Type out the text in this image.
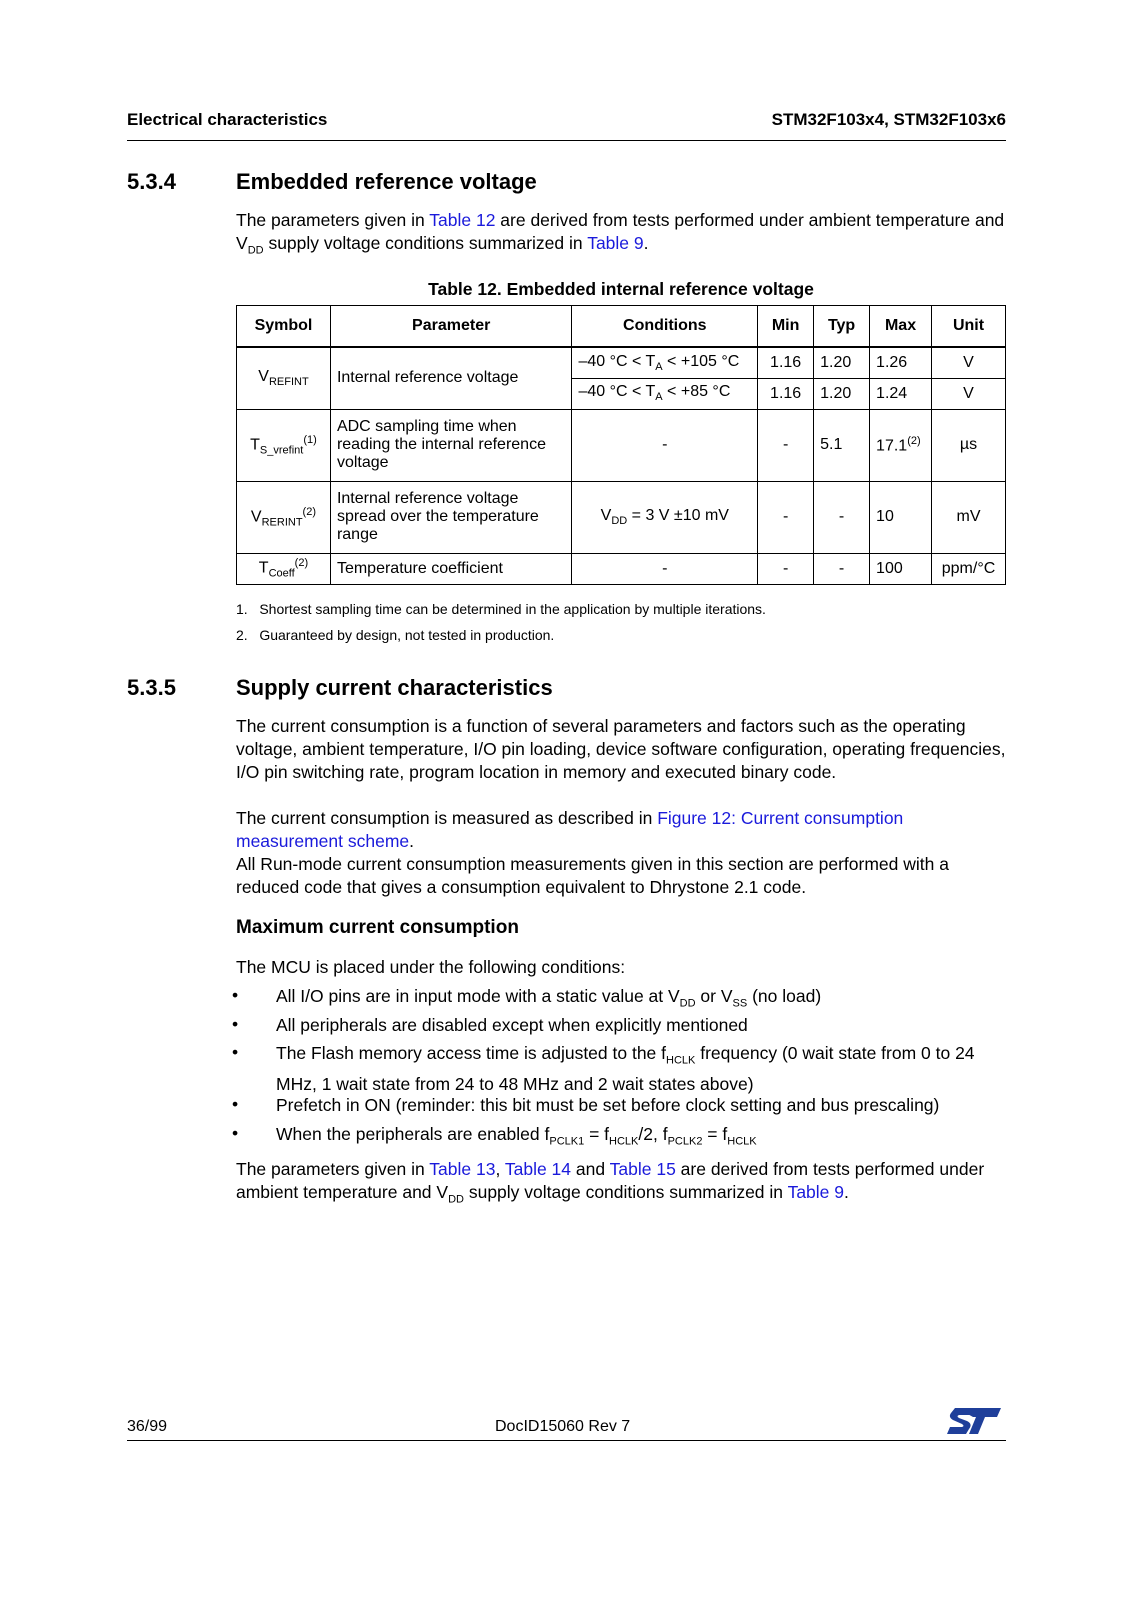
Electrical characteristics	STM32F103x4, STM32F103x6
5.3.4	Embedded reference voltage
The parameters given in Table 12 are derived from tests performed under ambient temperature and $V_{DD}$ supply voltage conditions summarized in Table 9.
Table 12. Embedded internal reference voltage
Symbol	Parameter	Conditions	Min	Typ	Max	Unit
$V_{REFINT}$	Internal reference voltage	–40 $^\circ C < T_A < +105$ °C	1.16	1.20	1.26	V
		–40 $^\circ C < T_A < +85$ °C	1.16	1.20	1.24	V
$T_{S\_vrefint}^{(1)}$	ADC sampling time when reading the internal reference voltage	-	-	5.1	17.1$^{(2)}$	µs
$V_{RERINT}^{(2)}$	Internal reference voltage spread over the temperature range	$V_{DD} = 3$ V ±10 mV	-	-	10	mV
$T_{Coeff}^{(2)}$	Temperature coefficient	-	-	-	100	ppm/°C
1.   Shortest sampling time can be determined in the application by multiple iterations.
2.   Guaranteed by design, not tested in production.
5.3.5	Supply current characteristics
The current consumption is a function of several parameters and factors such as the operating voltage, ambient temperature, I/O pin loading, device software configuration, operating frequencies, I/O pin switching rate, program location in memory and executed binary code.
The current consumption is measured as described in Figure 12: Current consumption measurement scheme.
All Run-mode current consumption measurements given in this section are performed with a reduced code that gives a consumption equivalent to Dhrystone 2.1 code.
Maximum current consumption
The MCU is placed under the following conditions:
• All I/O pins are in input mode with a static value at $V_{DD}$ or $V_{SS}$ (no load)
• All peripherals are disabled except when explicitly mentioned
• The Flash memory access time is adjusted to the $f_{HCLK}$ frequency (0 wait state from 0 to 24 MHz, 1 wait state from 24 to 48 MHz and 2 wait states above)
• Prefetch in ON (reminder: this bit must be set before clock setting and bus prescaling)
• When the peripherals are enabled $f_{PCLK1} = f_{HCLK}/2$, $f_{PCLK2} = f_{HCLK}$
The parameters given in Table 13, Table 14 and Table 15 are derived from tests performed under ambient temperature and $V_{DD}$ supply voltage conditions summarized in Table 9.
36/99	DocID15060 Rev 7
